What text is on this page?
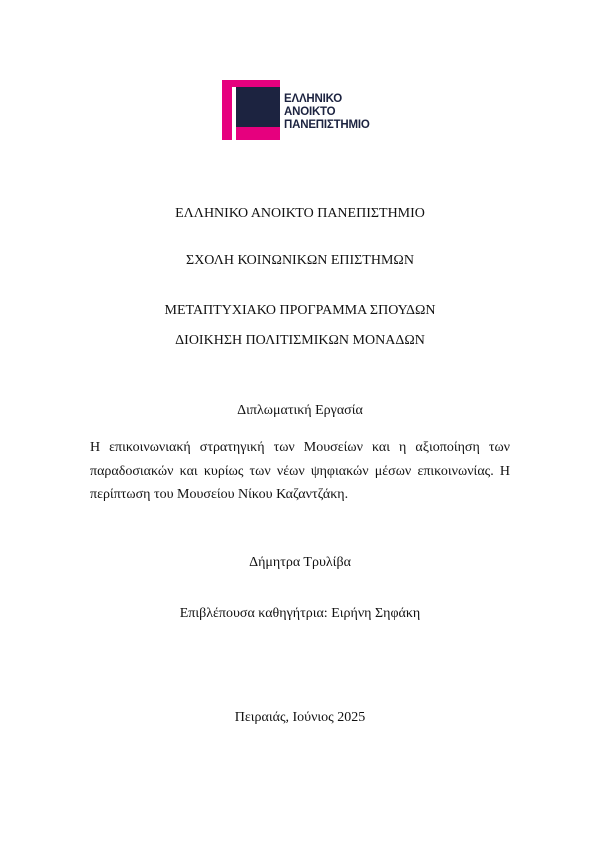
ΕΛΛΗΝΙΚΟ
ΑΝΟΙΚΤΟ
ΠΑΝΕΠΙΣΤΗΜΙΟ
ΕΛΛΗΝΙΚΟ ΑΝΟΙΚΤΟ ΠΑΝΕΠΙΣΤΗΜΙΟ
ΣΧΟΛΗ ΚΟΙΝΩΝΙΚΩΝ ΕΠΙΣΤΗΜΩΝ
ΜΕΤΑΠΤΥΧΙΑΚΟ ΠΡΟΓΡΑΜΜΑ ΣΠΟΥΔΩΝ
ΔΙΟΙΚΗΣΗ ΠΟΛΙΤΙΣΜΙΚΩΝ ΜΟΝΑΔΩΝ
Διπλωματική Εργασία
Η επικοινωνιακή στρατηγική των Μουσείων και η αξιοποίηση των παραδοσιακών και κυρίως των νέων ψηφιακών μέσων επικοινωνίας. Η περίπτωση του Μουσείου Νίκου Καζαντζάκη.
Δήμητρα Τρυλίβα
Επιβλέπουσα καθηγήτρια: Ειρήνη Σηφάκη
Πειραιάς, Ιούνιος 2025
